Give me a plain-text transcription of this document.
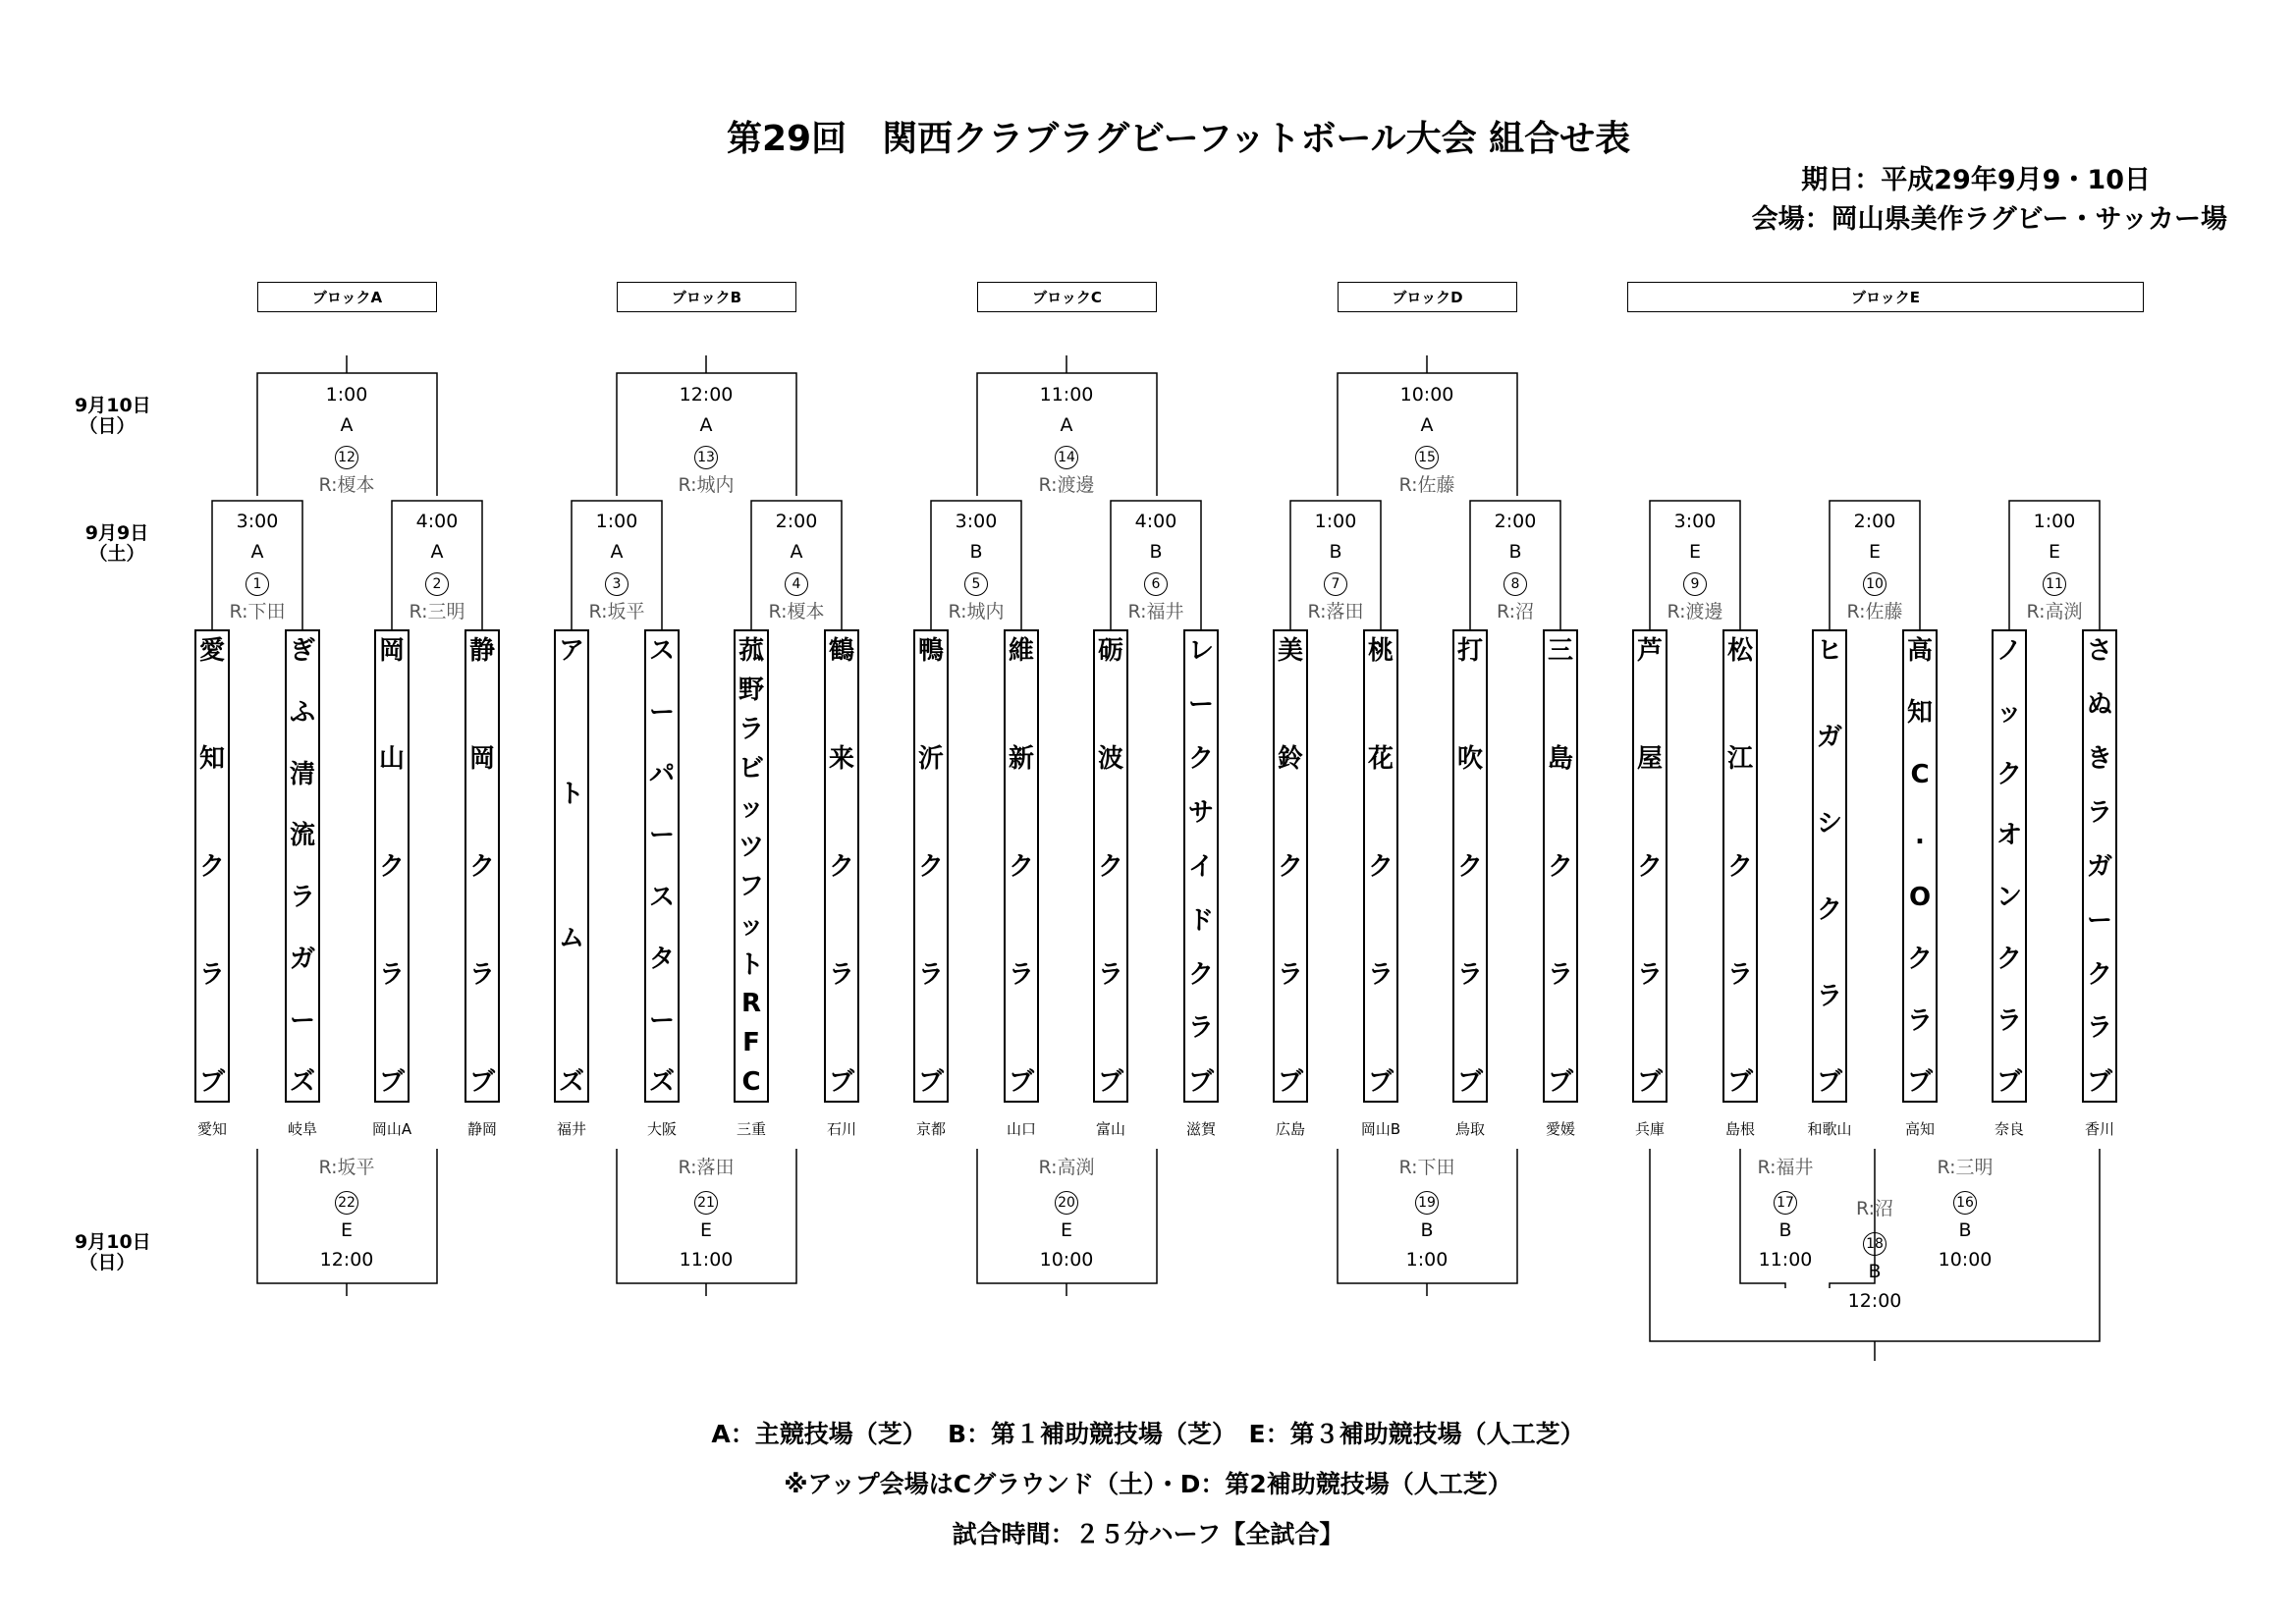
第29回　関西クラブラグビーフットボール大会 組合せ表
期日：平成29年9月9・10日
会場：岡山県美作ラグビー・サッカー場
ブロックA	ブロックB	ブロックC	ブロックD	ブロックE
9月10日
（日）
9月9日
（土）
9月10日
（日）
1:00
A
12
R:榎本
12:00
A
13
R:城内
11:00
A
14
R:渡邊
10:00
A
15
R:佐藤
3:00
A
1
R:下田
4:00
A
2
R:三明
1:00
A
3
R:坂平
2:00
A
4
R:榎本
3:00
B
5
R:城内
4:00
B
6
R:福井
1:00
B
7
R:落田
2:00
B
8
R:沼
3:00
E
9
R:渡邊
2:00
E
10
R:佐藤
1:00
E
11
R:高渕
愛
知
ク
ラ
ブ
ぎ
ふ
清
流
ラ
ガ
ー
ズ
岡
山
ク
ラ
ブ
静
岡
ク
ラ
ブ
ア
ト
ム
ズ
ス
ー
パ
ー
ス
タ
ー
ズ
菰
野
ラ
ビ
ッ
ツ
フ
ッ
ト
R
F
C
鶴
来
ク
ラ
ブ
鴨
沂
ク
ラ
ブ
維
新
ク
ラ
ブ
砺
波
ク
ラ
ブ
レ
ー
ク
サ
イ
ド
ク
ラ
ブ
美
鈴
ク
ラ
ブ
桃
花
ク
ラ
ブ
打
吹
ク
ラ
ブ
三
島
ク
ラ
ブ
芦
屋
ク
ラ
ブ
松
江
ク
ラ
ブ
ヒ
ガ
シ
ク
ラ
ブ
高
知
C
.
O
ク
ラ
ブ
ノ
ッ
ク
オ
ン
ク
ラ
ブ
さ
ぬ
き
ラ
ガ
ー
ク
ラ
ブ
愛知	岐阜	岡山A	静岡	福井	大阪	三重	石川	京都	山口	富山	滋賀	広島	岡山B	鳥取	愛媛	兵庫	島根	和歌山	高知	奈良	香川
R:坂平
22
E
12:00
R:落田
21
E
11:00
R:高渕
20
E
10:00
R:下田
19
B
1:00
R:福井
17
B
11:00
R:三明
16
B
10:00
R:沼
18
B
12:00
A：主競技場（芝）　 B：第１補助競技場（芝）　E：第３補助競技場（人工芝）
※アップ会場はCグラウンド（土）・D：第2補助競技場（人工芝）
試合時間：２５分ハーフ【全試合】
